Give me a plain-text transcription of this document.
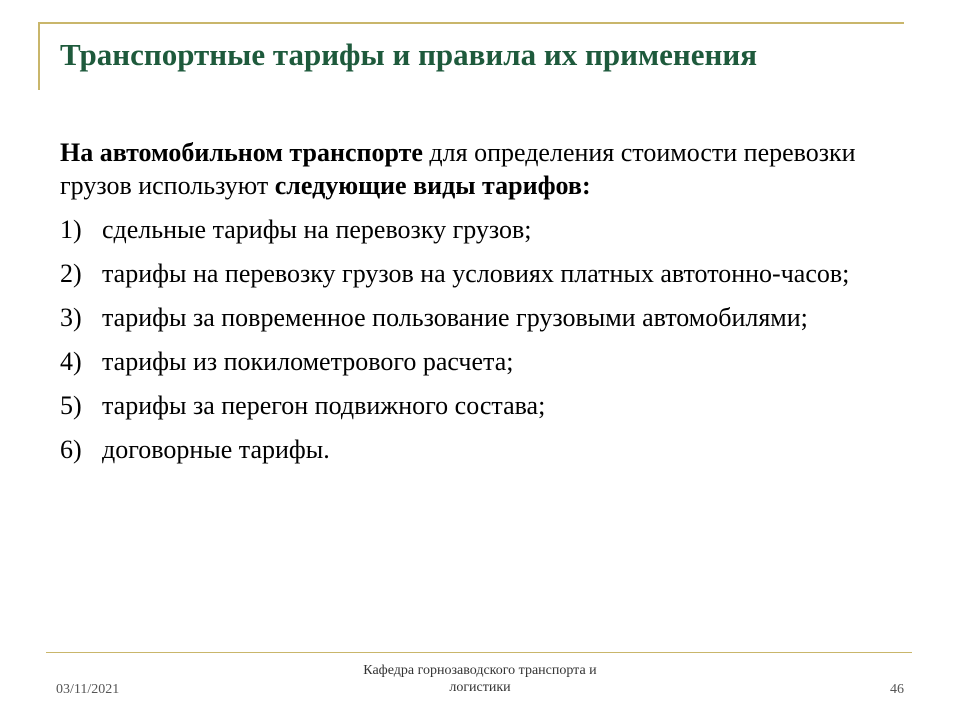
Транспортные тарифы и правила их применения

На автомобильном транспорте для определения стоимости перевозки грузов используют следующие виды тарифов:

1) сдельные тарифы на перевозку грузов;
2) тарифы на перевозку грузов на условиях платных автотонно-часов;
3) тарифы за повременное пользование грузовыми автомобилями;
4) тарифы из покилометрового расчета;
5) тарифы за перегон подвижного состава;
6) договорные тарифы.
03/11/2021
Кафедра горнозаводского транспорта и
логистики	46
